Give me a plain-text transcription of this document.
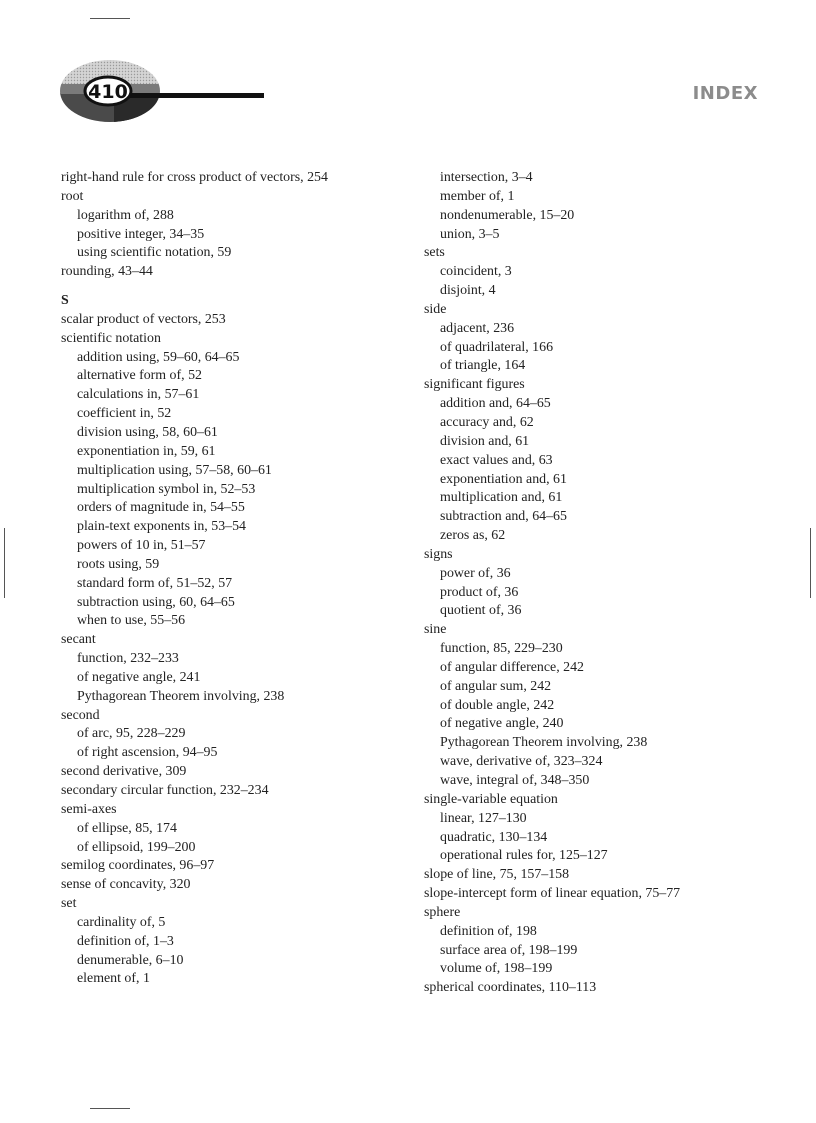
410	INDEX
right-hand rule for cross product of vectors, 254
root
logarithm of, 288
positive integer, 34–35
using scientific notation, 59
rounding, 43–44
S
scalar product of vectors, 253
scientific notation
addition using, 59–60, 64–65
alternative form of, 52
calculations in, 57–61
coefficient in, 52
division using, 58, 60–61
exponentiation in, 59, 61
multiplication using, 57–58, 60–61
multiplication symbol in, 52–53
orders of magnitude in, 54–55
plain-text exponents in, 53–54
powers of 10 in, 51–57
roots using, 59
standard form of, 51–52, 57
subtraction using, 60, 64–65
when to use, 55–56
secant
function, 232–233
of negative angle, 241
Pythagorean Theorem involving, 238
second
of arc, 95, 228–229
of right ascension, 94–95
second derivative, 309
secondary circular function, 232–234
semi-axes
of ellipse, 85, 174
of ellipsoid, 199–200
semilog coordinates, 96–97
sense of concavity, 320
set
cardinality of, 5
definition of, 1–3
denumerable, 6–10
element of, 1
intersection, 3–4
member of, 1
nondenumerable, 15–20
union, 3–5
sets
coincident, 3
disjoint, 4
side
adjacent, 236
of quadrilateral, 166
of triangle, 164
significant figures
addition and, 64–65
accuracy and, 62
division and, 61
exact values and, 63
exponentiation and, 61
multiplication and, 61
subtraction and, 64–65
zeros as, 62
signs
power of, 36
product of, 36
quotient of, 36
sine
function, 85, 229–230
of angular difference, 242
of angular sum, 242
of double angle, 242
of negative angle, 240
Pythagorean Theorem involving, 238
wave, derivative of, 323–324
wave, integral of, 348–350
single-variable equation
linear, 127–130
quadratic, 130–134
operational rules for, 125–127
slope of line, 75, 157–158
slope-intercept form of linear equation, 75–77
sphere
definition of, 198
surface area of, 198–199
volume of, 198–199
spherical coordinates, 110–113
